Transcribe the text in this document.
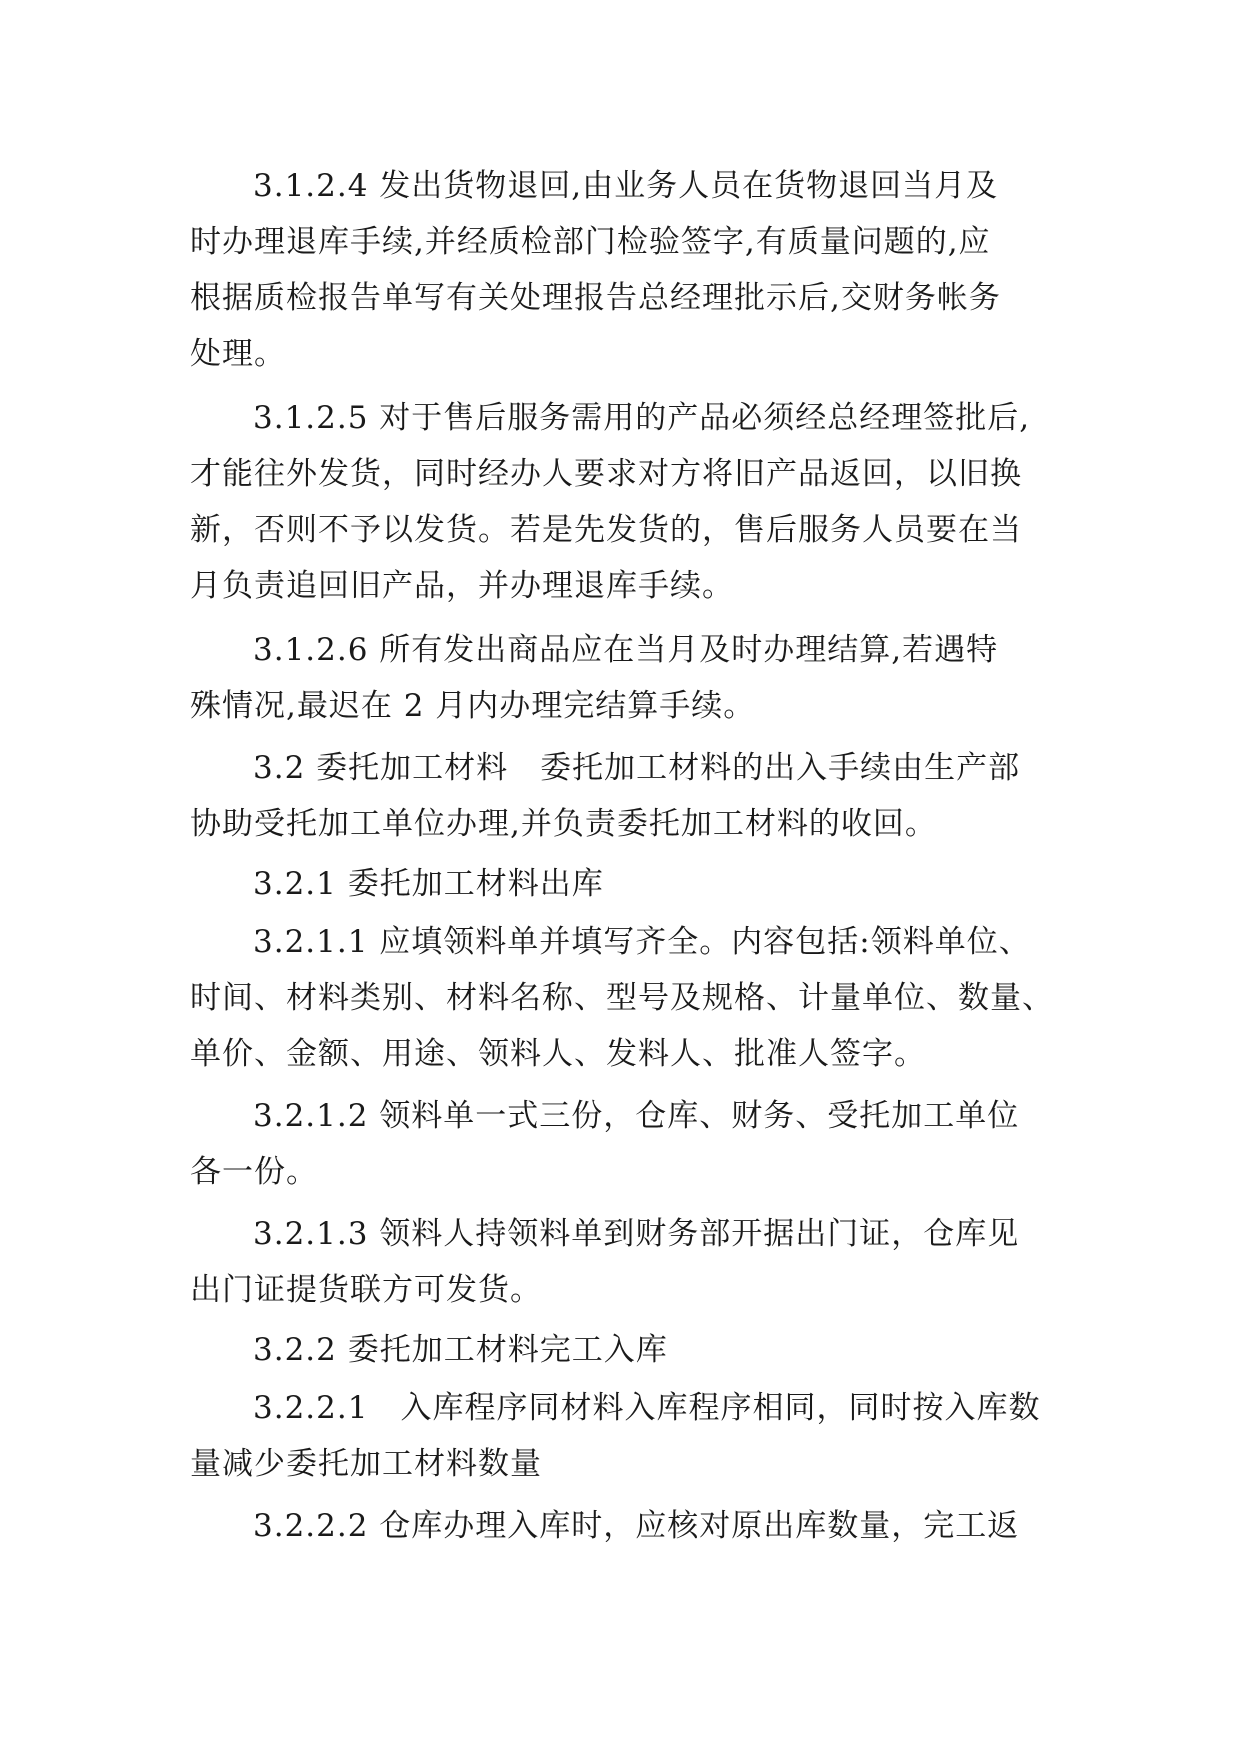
3.1.2.4 发出货物退回,由业务人员在货物退回当月及

时办理退库手续,并经质检部门检验签字,有质量问题的,应

根据质检报告单写有关处理报告总经理批示后,交财务帐务

处理。

3.1.2.5 对于售后服务需用的产品必须经总经理签批后,

才能往外发货，同时经办人要求对方将旧产品返回，以旧换

新，否则不予以发货。若是先发货的，售后服务人员要在当

月负责追回旧产品，并办理退库手续。

3.1.2.6 所有发出商品应在当月及时办理结算,若遇特

殊情况,最迟在 2 月内办理完结算手续。

3.2 委托加工材料　委托加工材料的出入手续由生产部

协助受托加工单位办理,并负责委托加工材料的收回。

3.2.1 委托加工材料出库

3.2.1.1 应填领料单并填写齐全。内容包括:领料单位、

时间、材料类别、材料名称、型号及规格、计量单位、数量、

单价、金额、用途、领料人、发料人、批准人签字。

3.2.1.2 领料单一式三份，仓库、财务、受托加工单位

各一份。

3.2.1.3 领料人持领料单到财务部开据出门证，仓库见

出门证提货联方可发货。

3.2.2 委托加工材料完工入库

3.2.2.1　入库程序同材料入库程序相同，同时按入库数

量减少委托加工材料数量

3.2.2.2 仓库办理入库时，应核对原出库数量，完工返
